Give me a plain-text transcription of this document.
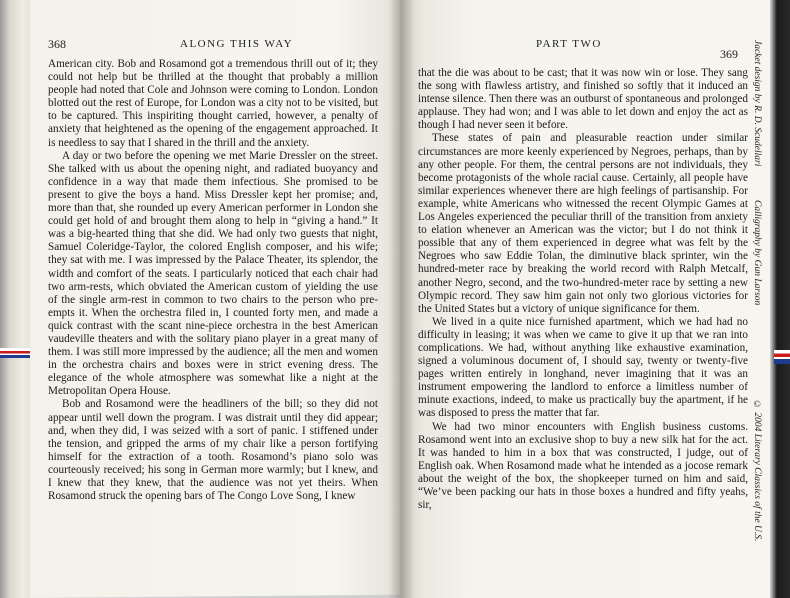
368	ALONG THIS WAY	PART TWO
369

American city. Bob and Rosamond got a tremendous thrill out of it; they could not help but be thrilled at the thought that probably a million people had noted that Cole and Johnson were coming to London. London blotted out the rest of Europe, for London was a city not to be visited, but to be captured. This inspiriting thought carried, however, a penalty of anxiety that heightened as the opening of the engagement approached. It is needless to say that I shared in the thrill and the anxiety.

A day or two before the opening we met Marie Dressler on the street. She talked with us about the opening night, and radiated buoyancy and confidence in a way that made them infectious. She promised to be present to give the boys a hand. Miss Dressler kept her promise; and, more than that, she rounded up every American performer in London she could get hold of and brought them along to help in “giving a hand.” It was a big-hearted thing that she did. We had only two guests that night, Samuel Coleridge-Taylor, the colored English composer, and his wife; they sat with me. I was impressed by the Palace Theater, its splendor, the width and comfort of the seats. I particularly noticed that each chair had two arm-rests, which obviated the American custom of yielding the use of the single arm-rest in common to two chairs to the person who pre-empts it. When the orchestra filed in, I counted forty men, and made a quick contrast with the scant nine-piece orchestra in the best American vaudeville theaters and with the solitary piano player in a great many of them. I was still more impressed by the audience; all the men and women in the orchestra chairs and boxes were in strict evening dress. The elegance of the whole atmosphere was somewhat like a night at the Metropolitan Opera House.

Bob and Rosamond were the headliners of the bill; so they did not appear until well down the program. I was distrait until they did appear; and, when they did, I was seized with a sort of panic. I stiffened under the tension, and gripped the arms of my chair like a person fortifying himself for the extraction of a tooth. Rosamond’s piano solo was courteously received; his song in German more warmly; but I knew, and I knew that they knew, that the audience was not yet theirs. When Rosamond struck the opening bars of The Congo Love Song, I knew

that the die was about to be cast; that it was now win or lose. They sang the song with flawless artistry, and finished so softly that it induced an intense silence. Then there was an outburst of spontaneous and prolonged applause. They had won; and I was able to let down and enjoy the act as though I had never seen it before.

These states of pain and pleasurable reaction under similar circumstances are more keenly experienced by Negroes, perhaps, than by any other people. For them, the central persons are not individuals, they become protagonists of the whole racial cause. Certainly, all people have similar experiences whenever there are high feelings of partisanship. For example, white Americans who witnessed the recent Olympic Games at Los Angeles experienced the peculiar thrill of the transition from anxiety to elation whenever an American was the victor; but I do not think it possible that any of them experienced in degree what was felt by the Negroes who saw Eddie Tolan, the diminutive black sprinter, win the hundred-meter race by breaking the world record with Ralph Metcalf, another Negro, second, and the two-hundred-meter race by setting a new Olympic record. They saw him gain not only two glorious victories for the United States but a victory of unique significance for them.

We lived in a quite nice furnished apartment, which we had had no difficulty in leasing; it was when we came to give it up that we ran into complications. We had, without anything like exhaustive examination, signed a voluminous document of, I should say, twenty or twenty-five pages written entirely in longhand, never imagining that it was an instrument empowering the landlord to enforce a limitless number of minute exactions, indeed, to make us practically buy the apartment, if he was disposed to press the matter that far.

We had two minor encounters with English business customs. Rosamond went into an exclusive shop to buy a new silk hat for the act. It was handed to him in a box that was constructed, I judge, out of English oak. When Rosamond made what he intended as a jocose remark about the weight of the box, the shopkeeper turned on him and said, “We’ve been packing our hats in those boxes a hundred and fifty yeahs, sir,

Jacket design by R. D. Scudellari
Calligraphy by Gun Larson
© 2004 Literary Classics of the U.S.
